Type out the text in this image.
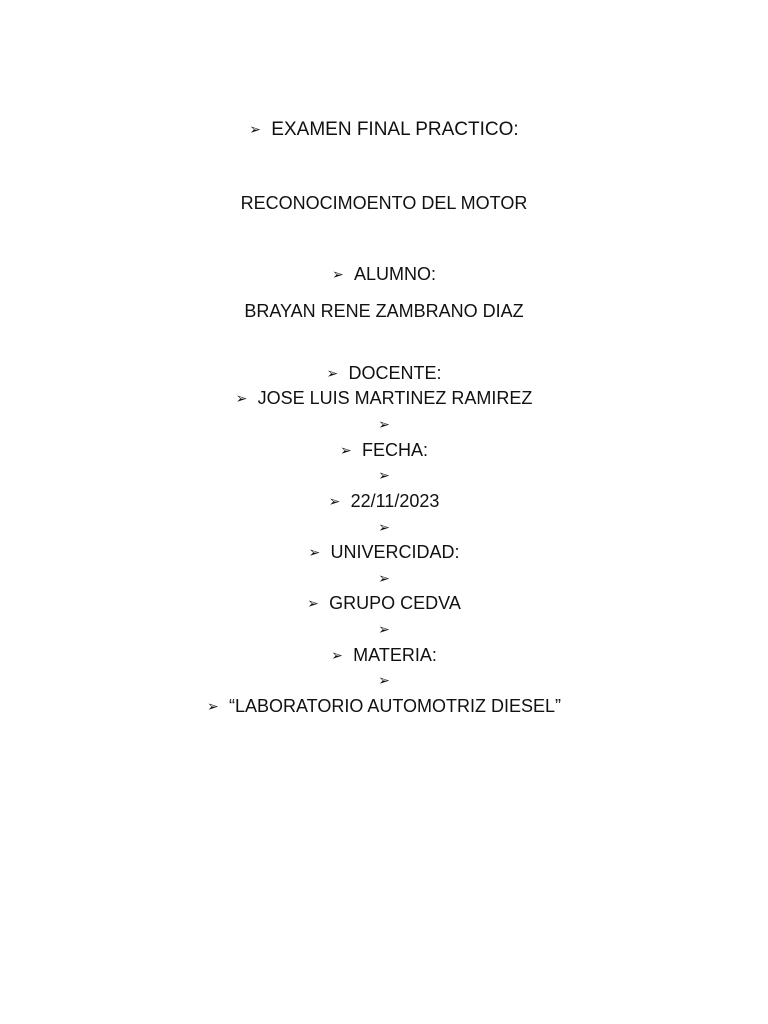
➢ EXAMEN FINAL PRACTICO:
RECONOCIMOENTO DEL MOTOR
➢ ALUMNO:
BRAYAN RENE ZAMBRANO DIAZ
➢ DOCENTE:
➢ JOSE LUIS MARTINEZ RAMIREZ
➢
➢ FECHA:
➢
➢ 22/11/2023
➢
➢ UNIVERCIDAD:
➢
➢ GRUPO CEDVA
➢
➢ MATERIA:
➢
➢ “LABORATORIO AUTOMOTRIZ DIESEL”
